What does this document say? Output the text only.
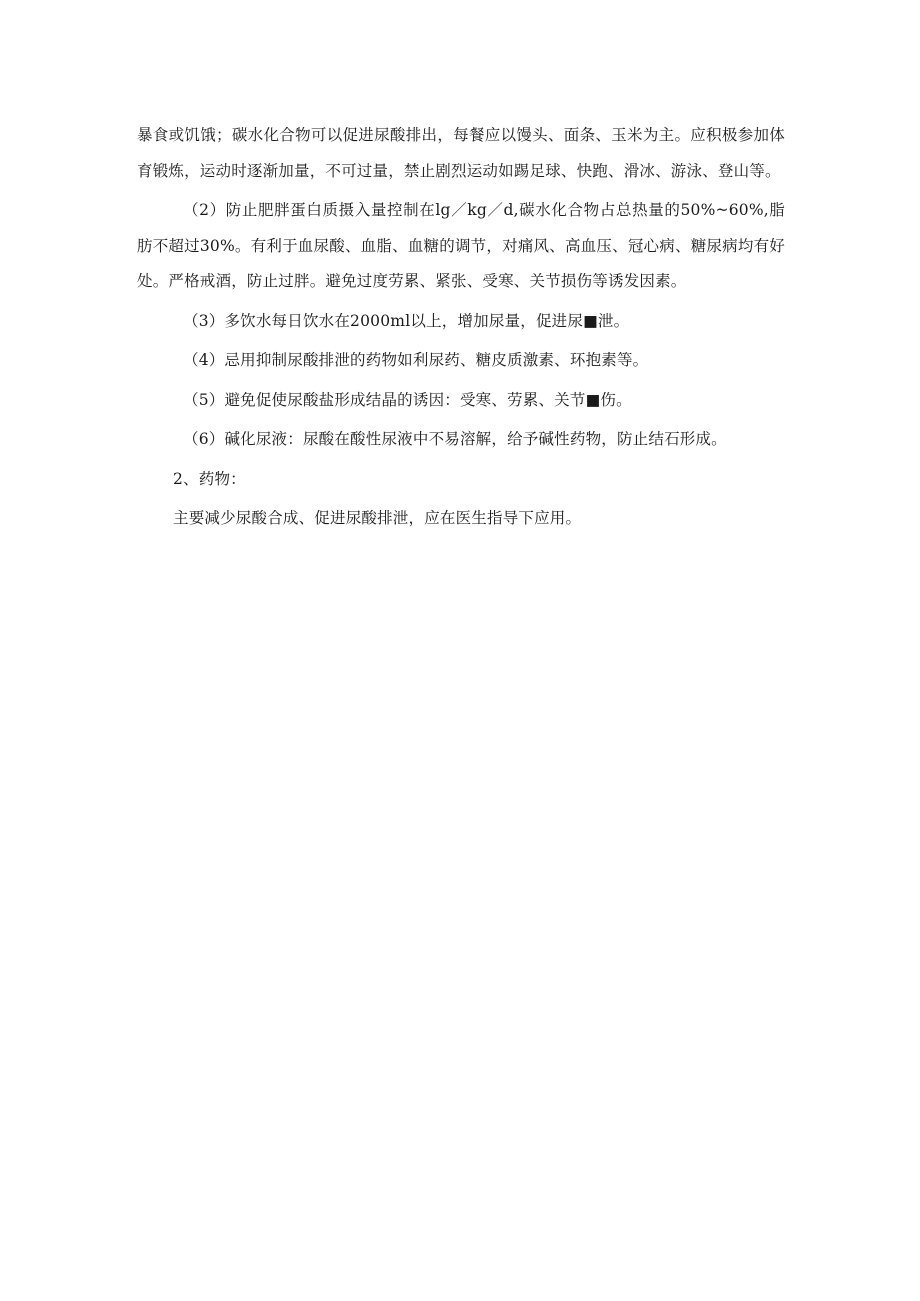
暴食或饥饿；碳水化合物可以促进尿酸排出，每餐应以馒头、面条、玉米为主。应积极参加体育锻炼，运动时逐渐加量，不可过量，禁止剧烈运动如踢足球、快跑、滑冰、游泳、登山等。

（2）防止肥胖蛋白质摄入量控制在lg／kg／d,碳水化合物占总热量的50%~60%,脂肪不超过30%。有利于血尿酸、血脂、血糖的调节，对痛风、高血压、冠心病、糖尿病均有好处。严格戒酒，防止过胖。避免过度劳累、紧张、受寒、关节损伤等诱发因素。

（3）多饮水每日饮水在2000ml以上，增加尿量，促进尿■泄。

（4）忌用抑制尿酸排泄的药物如利尿药、糖皮质激素、环抱素等。

（5）避免促使尿酸盐形成结晶的诱因：受寒、劳累、关节■伤。

（6）碱化尿液：尿酸在酸性尿液中不易溶解，给予碱性药物，防止结石形成。

2、药物：

主要减少尿酸合成、促进尿酸排泄，应在医生指导下应用。
